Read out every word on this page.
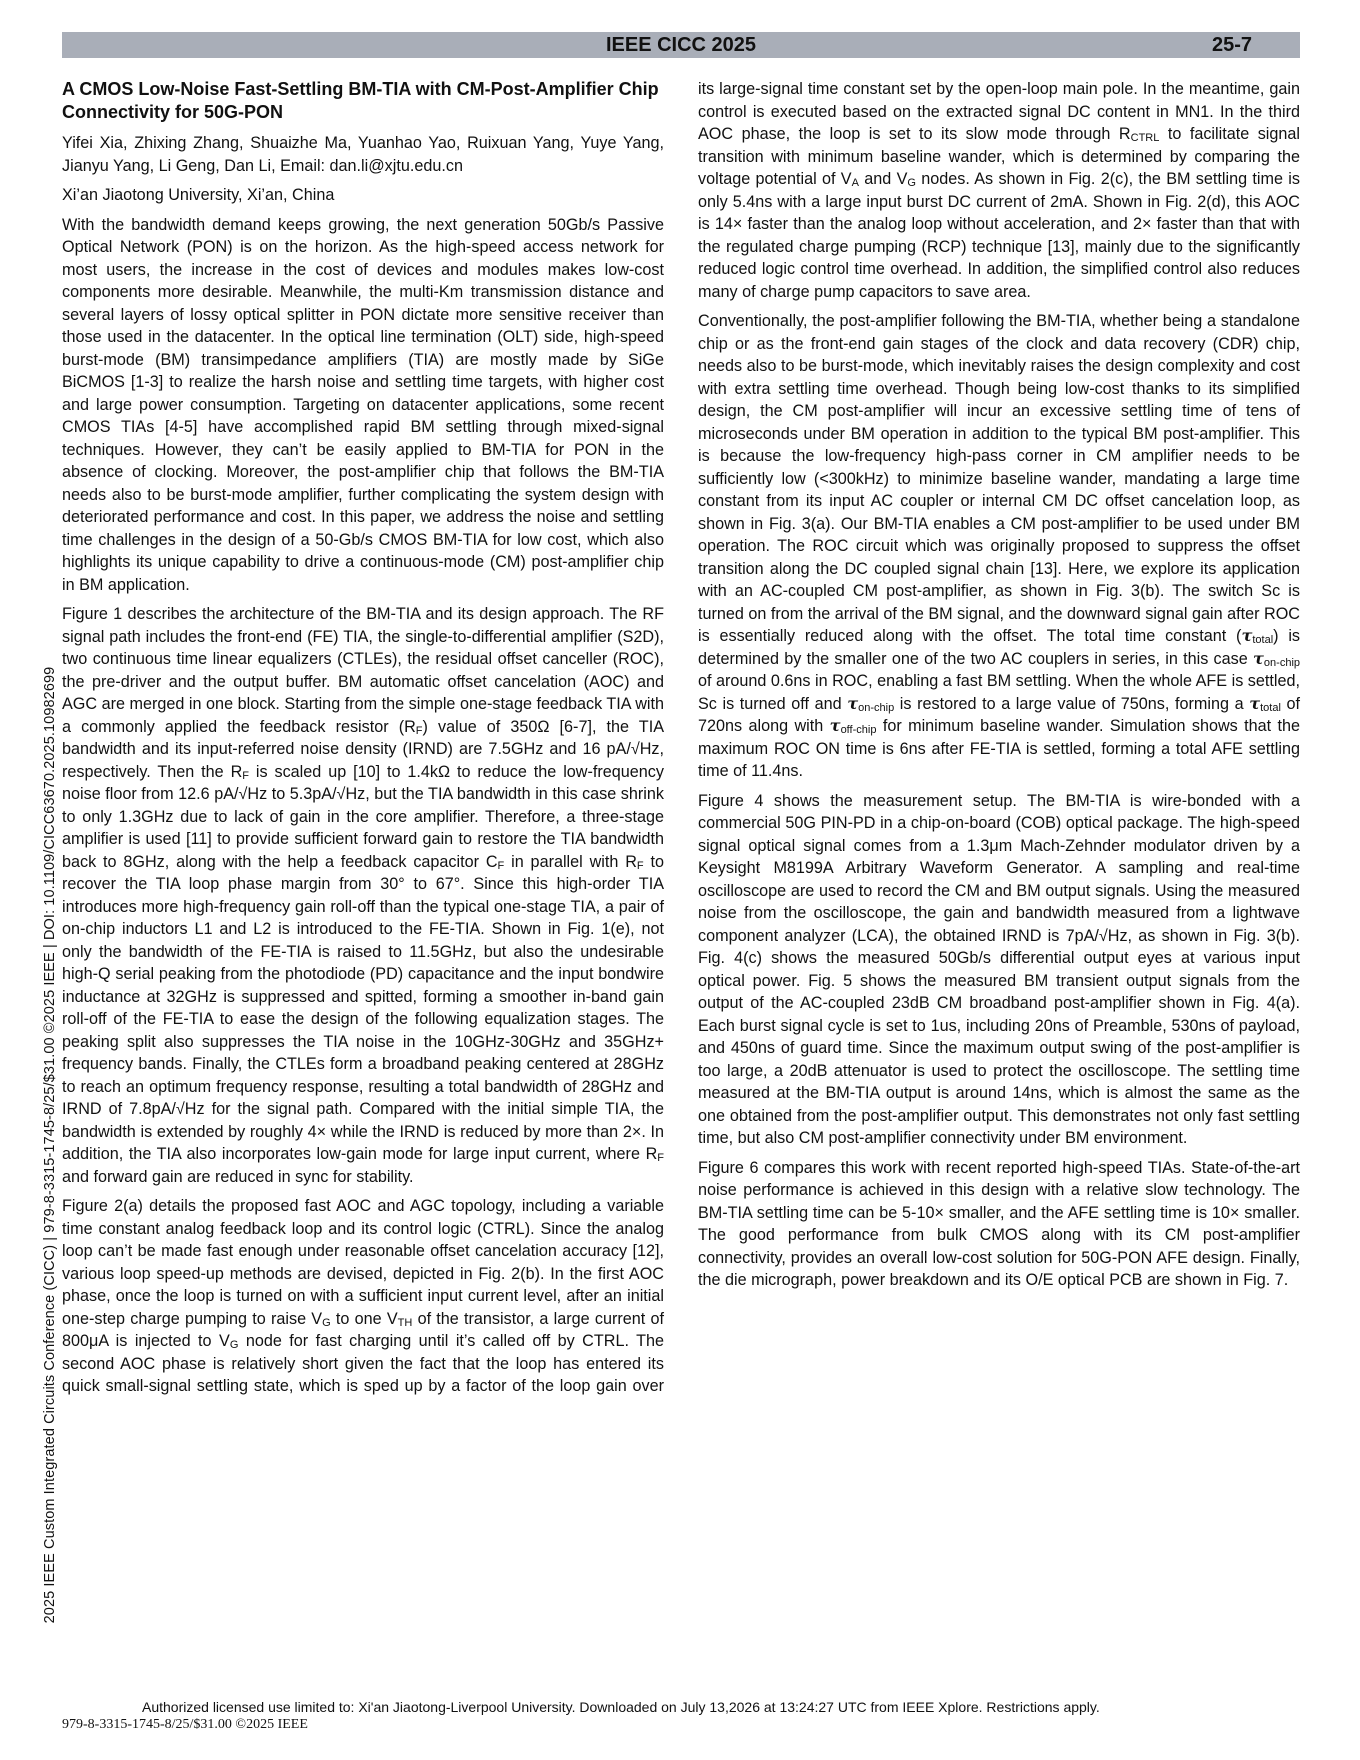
IEEE CICC 2025	25-7
2025 IEEE Custom Integrated Circuits Conference (CICC) | 979-8-3315-1745-8/25/$31.00 ©2025 IEEE | DOI: 10.1109/CICC63670.2025.10982699
A CMOS Low-Noise Fast-Settling BM-TIA with CM-Post-Amplifier Chip Connectivity for 50G-PON

Yifei Xia, Zhixing Zhang, Shuaizhe Ma, Yuanhao Yao, Ruixuan Yang, Yuye Yang, Jianyu Yang, Li Geng, Dan Li, Email: dan.li@xjtu.edu.cn

Xi’an Jiaotong University, Xi’an, China

With the bandwidth demand keeps growing, the next generation 50Gb/s Passive Optical Network (PON) is on the horizon. As the high-speed access network for most users, the increase in the cost of devices and modules makes low-cost components more desirable. Meanwhile, the multi-Km transmission distance and several layers of lossy optical splitter in PON dictate more sensitive receiver than those used in the datacenter. In the optical line termination (OLT) side, high-speed burst-mode (BM) transimpedance amplifiers (TIA) are mostly made by SiGe BiCMOS [1-3] to realize the harsh noise and settling time targets, with higher cost and large power consumption. Targeting on datacenter applications, some recent CMOS TIAs [4-5] have accomplished rapid BM settling through mixed-signal techniques. However, they can’t be easily applied to BM-TIA for PON in the absence of clocking. Moreover, the post-amplifier chip that follows the BM-TIA needs also to be burst-mode amplifier, further complicating the system design with deteriorated performance and cost. In this paper, we address the noise and settling time challenges in the design of a 50-Gb/s CMOS BM-TIA for low cost, which also highlights its unique capability to drive a continuous-mode (CM) post-amplifier chip in BM application.

Figure 1 describes the architecture of the BM-TIA and its design approach. The RF signal path includes the front-end (FE) TIA, the single-to-differential amplifier (S2D), two continuous time linear equalizers (CTLEs), the residual offset canceller (ROC), the pre-driver and the output buffer. BM automatic offset cancelation (AOC) and AGC are merged in one block. Starting from the simple one-stage feedback TIA with a commonly applied the feedback resistor $(R_F)$ value of 350Ω [6-7], the TIA bandwidth and its input-referred noise density (IRND) are 7.5GHz and 16 pA/√Hz, respectively. Then the $R_F$ is scaled up [10] to 1.4kΩ to reduce the low-frequency noise floor from 12.6 pA/√Hz to 5.3pA/√Hz, but the TIA bandwidth in this case shrink to only 1.3GHz due to lack of gain in the core amplifier. Therefore, a three-stage amplifier is used [11] to provide sufficient forward gain to restore the TIA bandwidth back to 8GHz, along with the help a feedback capacitor $C_F$ in parallel with $R_F$ to recover the TIA loop phase margin from 30° to 67°. Since this high-order TIA introduces more high-frequency gain roll-off than the typical one-stage TIA, a pair of on-chip inductors L1 and L2 is introduced to the FE-TIA. Shown in Fig. 1(e), not only the bandwidth of the FE-TIA is raised to 11.5GHz, but also the undesirable high-Q serial peaking from the photodiode (PD) capacitance and the input bondwire inductance at 32GHz is suppressed and spitted, forming a smoother in-band gain roll-off of the FE-TIA to ease the design of the following equalization stages. The peaking split also suppresses the TIA noise in the 10GHz-30GHz and 35GHz+ frequency bands. Finally, the CTLEs form a broadband peaking centered at 28GHz to reach an optimum frequency response, resulting a total bandwidth of 28GHz and IRND of 7.8pA/√Hz for the signal path. Compared with the initial simple TIA, the bandwidth is extended by roughly 4× while the IRND is reduced by more than 2×. In addition, the TIA also incorporates low-gain mode for large input current, where $R_F$ and forward gain are reduced in sync for stability.

Figure 2(a) details the proposed fast AOC and AGC topology, including a variable time constant analog feedback loop and its control logic (CTRL). Since the analog loop can’t be made fast enough under reasonable offset cancelation accuracy [12], various loop speed-up methods are devised, depicted in Fig. 2(b). In the first AOC phase, once the loop is turned on with a sufficient input current level, after an initial one-step charge pumping to raise $V_G$ to one $V_{TH}$ of the transistor, a large current of 800μA is injected to $V_G$ node for fast charging until it’s called off by CTRL. The second AOC phase is relatively short given the fact that the loop has entered its quick small-signal settling state, which is sped up by a factor of the loop gain over

its large-signal time constant set by the open-loop main pole. In the meantime, gain control is executed based on the extracted signal DC content in MN1. In the third AOC phase, the loop is set to its slow mode through $R_{CTRL}$ to facilitate signal transition with minimum baseline wander, which is determined by comparing the voltage potential of $V_A$ and $V_G$ nodes. As shown in Fig. 2(c), the BM settling time is only 5.4ns with a large input burst DC current of 2mA. Shown in Fig. 2(d), this AOC is 14× faster than the analog loop without acceleration, and 2× faster than that with the regulated charge pumping (RCP) technique [13], mainly due to the significantly reduced logic control time overhead. In addition, the simplified control also reduces many of charge pump capacitors to save area.

Conventionally, the post-amplifier following the BM-TIA, whether being a standalone chip or as the front-end gain stages of the clock and data recovery (CDR) chip, needs also to be burst-mode, which inevitably raises the design complexity and cost with extra settling time overhead. Though being low-cost thanks to its simplified design, the CM post-amplifier will incur an excessive settling time of tens of microseconds under BM operation in addition to the typical BM post-amplifier. This is because the low-frequency high-pass corner in CM amplifier needs to be sufficiently low (<300kHz) to minimize baseline wander, mandating a large time constant from its input AC coupler or internal CM DC offset cancelation loop, as shown in Fig. 3(a). Our BM-TIA enables a CM post-amplifier to be used under BM operation. The ROC circuit which was originally proposed to suppress the offset transition along the DC coupled signal chain [13]. Here, we explore its application with an AC-coupled CM post-amplifier, as shown in Fig. 3(b). The switch Sc is turned on from the arrival of the BM signal, and the downward signal gain after ROC is essentially reduced along with the offset. The total time constant $(\tau_{total})$ is determined by the smaller one of the two AC couplers in series, in this case $\tau_{on-chip}$ of around 0.6ns in ROC, enabling a fast BM settling. When the whole AFE is settled, Sc is turned off and $\tau_{on-chip}$ is restored to a large value of 750ns, forming a $\tau_{total}$ of 720ns along with $\tau_{off-chip}$ for minimum baseline wander. Simulation shows that the maximum ROC ON time is 6ns after FE-TIA is settled, forming a total AFE settling time of 11.4ns.

Figure 4 shows the measurement setup. The BM-TIA is wire-bonded with a commercial 50G PIN-PD in a chip-on-board (COB) optical package. The high-speed signal optical signal comes from a 1.3μm Mach-Zehnder modulator driven by a Keysight M8199A Arbitrary Waveform Generator. A sampling and real-time oscilloscope are used to record the CM and BM output signals. Using the measured noise from the oscilloscope, the gain and bandwidth measured from a lightwave component analyzer (LCA), the obtained IRND is 7pA/√Hz, as shown in Fig. 3(b). Fig. 4(c) shows the measured 50Gb/s differential output eyes at various input optical power. Fig. 5 shows the measured BM transient output signals from the output of the AC-coupled 23dB CM broadband post-amplifier shown in Fig. 4(a). Each burst signal cycle is set to 1us, including 20ns of Preamble, 530ns of payload, and 450ns of guard time. Since the maximum output swing of the post-amplifier is too large, a 20dB attenuator is used to protect the oscilloscope. The settling time measured at the BM-TIA output is around 14ns, which is almost the same as the one obtained from the post-amplifier output. This demonstrates not only fast settling time, but also CM post-amplifier connectivity under BM environment.

Figure 6 compares this work with recent reported high-speed TIAs. State-of-the-art noise performance is achieved in this design with a relative slow technology. The BM-TIA settling time can be 5-10× smaller, and the AFE settling time is 10× smaller. The good performance from bulk CMOS along with its CM post-amplifier connectivity, provides an overall low-cost solution for 50G-PON AFE design. Finally, the die micrograph, power breakdown and its O/E optical PCB are shown in Fig. 7.

Authorized licensed use limited to: Xi'an Jiaotong-Liverpool University. Downloaded on July 13,2026 at 13:24:27 UTC from IEEE Xplore. Restrictions apply.
979-8-3315-1745-8/25/$31.00 ©2025 IEEE
